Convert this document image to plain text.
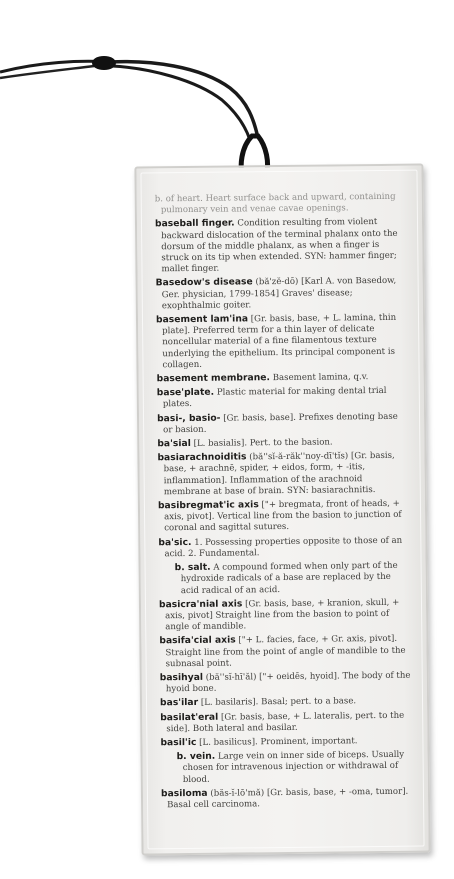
b. of heart. Heart surface back and upward, containing pulmonary vein and venae cavae openings.
baseball finger. Condition resulting from violent backward dislocation of the terminal phalanx onto the dorsum of the middle phalanx, as when a finger is struck on its tip when extended. SYN: hammer finger; mallet finger.
Basedow's disease (bă'zĕ-dō) [Karl A. von Basedow, Ger. physician, 1799-1854] Graves' disease; exophthalmic goiter.
basement lam'ina [Gr. basis, base, + L. lamina, thin plate]. Preferred term for a thin layer of delicate noncellular material of a fine filamentous texture underlying the epithelium. Its principal component is collagen.
basement membrane. Basement lamina, q.v.
base'plate. Plastic material for making dental trial plates.
basi-, basio- [Gr. basis, base]. Prefixes denoting base or basion.
ba'sial [L. basialis]. Pert. to the basion.
basiarachnoiditis (bă''sĭ-ă-răk''noy-dī'tĭs) [Gr. basis, base, + arachnē, spider, + eidos, form, + -itis, inflammation]. Inflammation of the arachnoid membrane at base of brain. SYN: basiarachnitis.
basibregmat'ic axis ["+ bregmata, front of heads, + axis, pivot]. Vertical line from the basion to junction of coronal and sagittal sutures.
ba'sic. 1. Possessing properties opposite to those of an acid. 2. Fundamental.
b. salt. A compound formed when only part of the hydroxide radicals of a base are replaced by the acid radical of an acid.
basicra'nial axis [Gr. basis, base, + kranion, skull, + axis, pivot] Straight line from the basion to point of angle of mandible.
basifa'cial axis ["+ L. facies, face, + Gr. axis, pivot]. Straight line from the point of angle of mandible to the subnasal point.
basihyal (bă''sĭ-hī'ăl) ["+ oeidēs, hyoid]. The body of the hyoid bone.
bas'ilar [L. basilaris]. Basal; pert. to a base.
basilat'eral [Gr. basis, base, + L. lateralis, pert. to the side]. Both lateral and basilar.
basil'ic [L. basilicus]. Prominent, important.
b. vein. Large vein on inner side of biceps. Usually chosen for intravenous injection or withdrawal of blood.
basiloma (băs-ĭ-lō'mă) [Gr. basis, base, + -oma, tumor]. Basal cell carcinoma.
